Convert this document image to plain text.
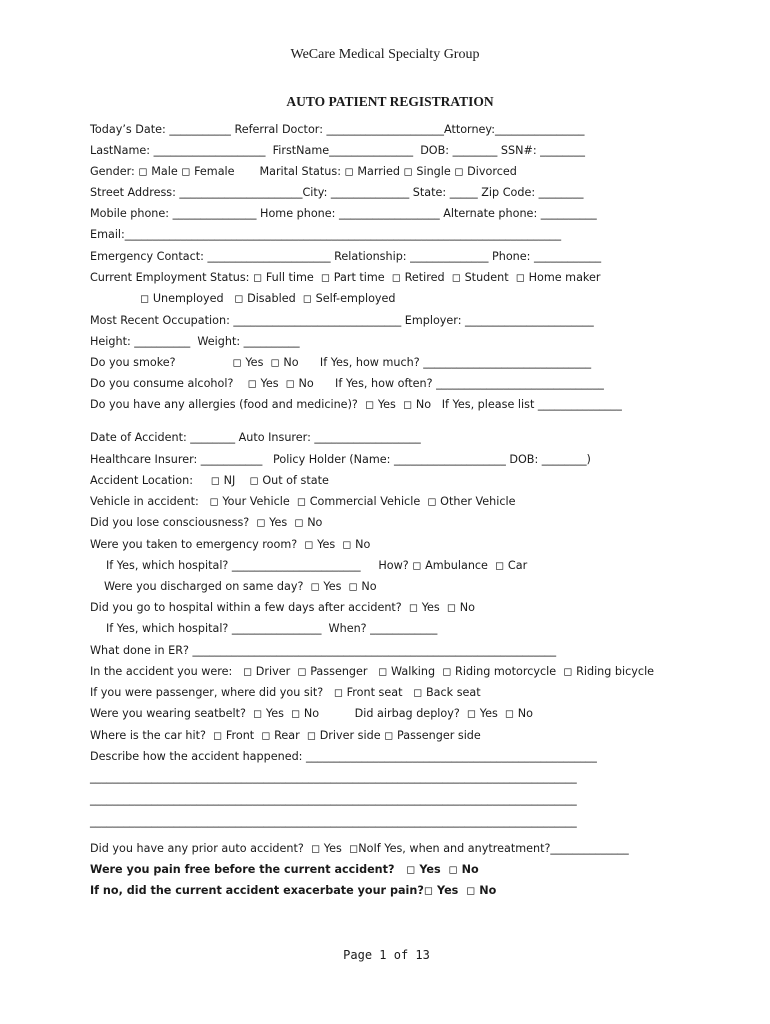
WeCare Medical Specialty Group
AUTO PATIENT REGISTRATION
Today’s Date: ___________ Referral Doctor: _____________________Attorney:________________
LastName: ____________________  FirstName_______________  DOB: ________ SSN#: ________
Gender: ◻ Male ◻ Female       Marital Status: ◻ Married ◻ Single ◻ Divorced
Street Address: ______________________City: ______________ State: _____ Zip Code: ________
Mobile phone: _______________ Home phone: __________________ Alternate phone: __________
Email:______________________________________________________________________________
Emergency Contact: ______________________ Relationship: ______________ Phone: ____________
Current Employment Status: ◻ Full time  ◻ Part time  ◻ Retired  ◻ Student  ◻ Home maker
◻ Unemployed   ◻ Disabled  ◻ Self-employed
Most Recent Occupation: ______________________________ Employer: _______________________
Height: __________  Weight: __________
Do you smoke?                ◻ Yes  ◻ No      If Yes, how much? ______________________________
Do you consume alcohol?    ◻ Yes  ◻ No      If Yes, how often? ______________________________
Do you have any allergies (food and medicine)?  ◻ Yes  ◻ No   If Yes, please list _______________
Date of Accident: ________ Auto Insurer: ___________________
Healthcare Insurer: ___________   Policy Holder (Name: ____________________ DOB: ________)
Accident Location:     ◻ NJ    ◻ Out of state
Vehicle in accident:   ◻ Your Vehicle  ◻ Commercial Vehicle  ◻ Other Vehicle
Did you lose consciousness?  ◻ Yes  ◻ No
Were you taken to emergency room?  ◻ Yes  ◻ No
If Yes, which hospital? _______________________     How? ◻ Ambulance  ◻ Car
Were you discharged on same day?  ◻ Yes  ◻ No
Did you go to hospital within a few days after accident?  ◻ Yes  ◻ No
If Yes, which hospital? ________________  When? ____________
What done in ER? _________________________________________________________________
In the accident you were:   ◻ Driver  ◻ Passenger   ◻ Walking  ◻ Riding motorcycle  ◻ Riding bicycle
If you were passenger, where did you sit?   ◻ Front seat   ◻ Back seat
Were you wearing seatbelt?  ◻ Yes  ◻ No          Did airbag deploy?  ◻ Yes  ◻ No
Where is the car hit?  ◻ Front  ◻ Rear  ◻ Driver side ◻ Passenger side
Describe how the accident happened: ____________________________________________________
_______________________________________________________________________________________
_______________________________________________________________________________________
_______________________________________________________________________________________
Did you have any prior auto accident?  ◻ Yes  ◻NoIf Yes, when and anytreatment?______________
Were you pain free before the current accident?   ◻ Yes  ◻ No
If no, did the current accident exacerbate your pain?◻ Yes  ◻ No
Page 1 of 13
